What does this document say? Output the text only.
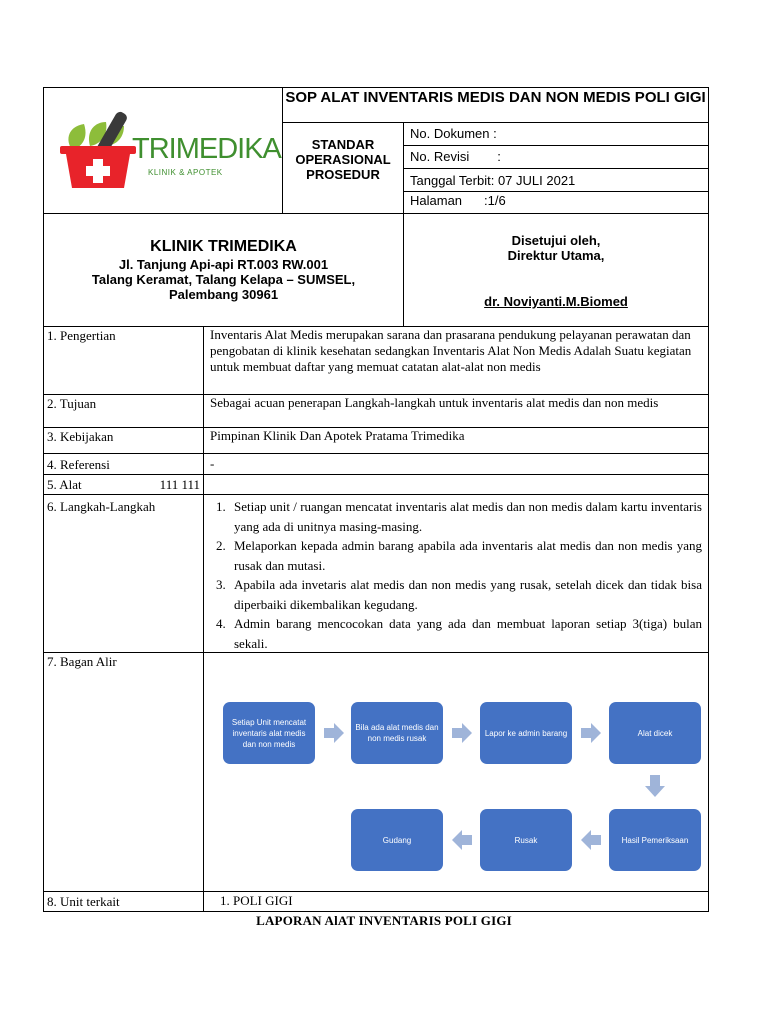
TRIMEDIKA
KLINIK & APOTEK
SOP ALAT INVENTARIS MEDIS DAN NON MEDIS POLI GIGI
STANDAR
OPERASIONAL
PROSEDUR
No. Dokumen :
No. Revisi :
Tanggal Terbit: 07 JULI 2021
Halaman :1/6
KLINIK TRIMEDIKA
Jl. Tanjung Api-api RT.003 RW.001
Talang Keramat, Talang Kelapa – SUMSEL,
Palembang 30961
Disetujui oleh,
Direktur Utama,
dr. Noviyanti.M.Biomed
1. Pengertian	Inventaris Alat Medis merupakan sarana dan prasarana pendukung pelayanan perawatan dan pengobatan di klinik kesehatan sedangkan Inventaris Alat Non Medis Adalah Suatu kegiatan untuk membuat daftar yang memuat catatan alat-alat non medis
2. Tujuan	Sebagai acuan penerapan Langkah-langkah untuk inventaris alat medis dan non medis
3. Kebijakan	Pimpinan Klinik Dan Apotek Pratama Trimedika
4. Referensi	-
5. Alat	111 111
6. Langkah-Langkah	1. Setiap unit / ruangan mencatat inventaris alat medis dan non medis dalam kartu inventaris yang ada di unitnya masing-masing.
2. Melaporkan kepada admin barang apabila ada inventaris alat medis dan non medis yang rusak dan mutasi.
3. Apabila ada invetaris alat medis dan non medis yang rusak, setelah dicek dan tidak bisa diperbaiki dikembalikan kegudang.
4. Admin barang mencocokan data yang ada dan membuat laporan setiap 3(tiga) bulan sekali.
7. Bagan Alir
Setiap Unit mencatat inventaris alat medis dan non medis
Bila ada alat medis dan non medis rusak
Lapor ke admin barang	Alat dicek
Hasil Pemeriksaan
Rusak
Gudang
8. Unit terkait	1. POLI GIGI
LAPORAN AlAT INVENTARIS POLI GIGI
